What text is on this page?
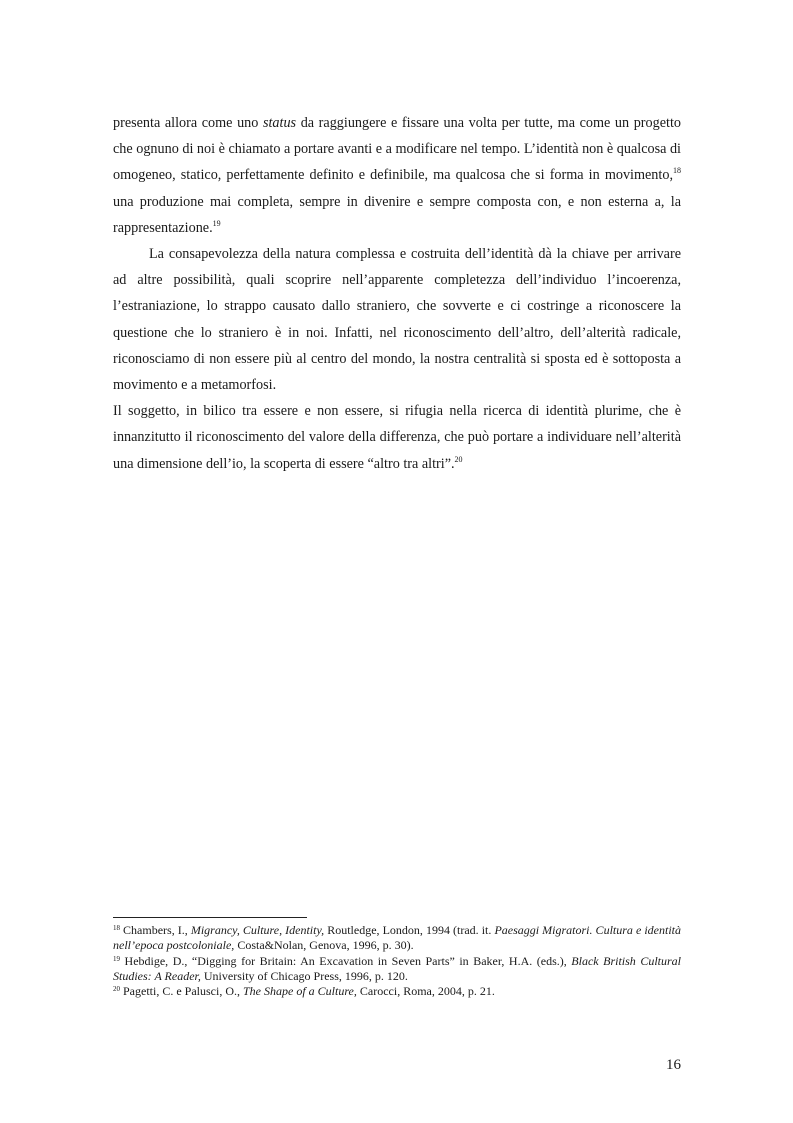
presenta allora come uno status da raggiungere e fissare una volta per tutte, ma come un progetto che ognuno di noi è chiamato a portare avanti e a modificare nel tempo. L’identità non è qualcosa di omogeneo, statico, perfettamente definito e definibile, ma qualcosa che si forma in movimento,$^{18}$ una produzione mai completa, sempre in divenire e sempre composta con, e non esterna a, la rappresentazione.$^{19}$

La consapevolezza della natura complessa e costruita dell’identità dà la chiave per arrivare ad altre possibilità, quali scoprire nell’apparente completezza dell’individuo l’incoerenza, l’estraniazione, lo strappo causato dallo straniero, che sovverte e ci costringe a riconoscere la questione che lo straniero è in noi. Infatti, nel riconoscimento dell’altro, dell’alterità radicale, riconosciamo di non essere più al centro del mondo, la nostra centralità si sposta ed è sottoposta a movimento e a metamorfosi.

Il soggetto, in bilico tra essere e non essere, si rifugia nella ricerca di identità plurime, che è innanzitutto il riconoscimento del valore della differenza, che può portare a individuare nell’alterità una dimensione dell’io, la scoperta di essere “altro tra altri”.$^{20}$

$^{18}$ Chambers, I., Migrancy, Culture, Identity, Routledge, London, 1994 (trad. it. Paesaggi Migratori. Cultura e identità nell’epoca postcoloniale, Costa&Nolan, Genova, 1996, p. 30).

$^{19}$ Hebdige, D., “Digging for Britain: An Excavation in Seven Parts” in Baker, H.A. (eds.), Black British Cultural Studies: A Reader, University of Chicago Press, 1996, p. 120.

$^{20}$ Pagetti, C. e Palusci, O., The Shape of a Culture, Carocci, Roma, 2004, p. 21.

16
